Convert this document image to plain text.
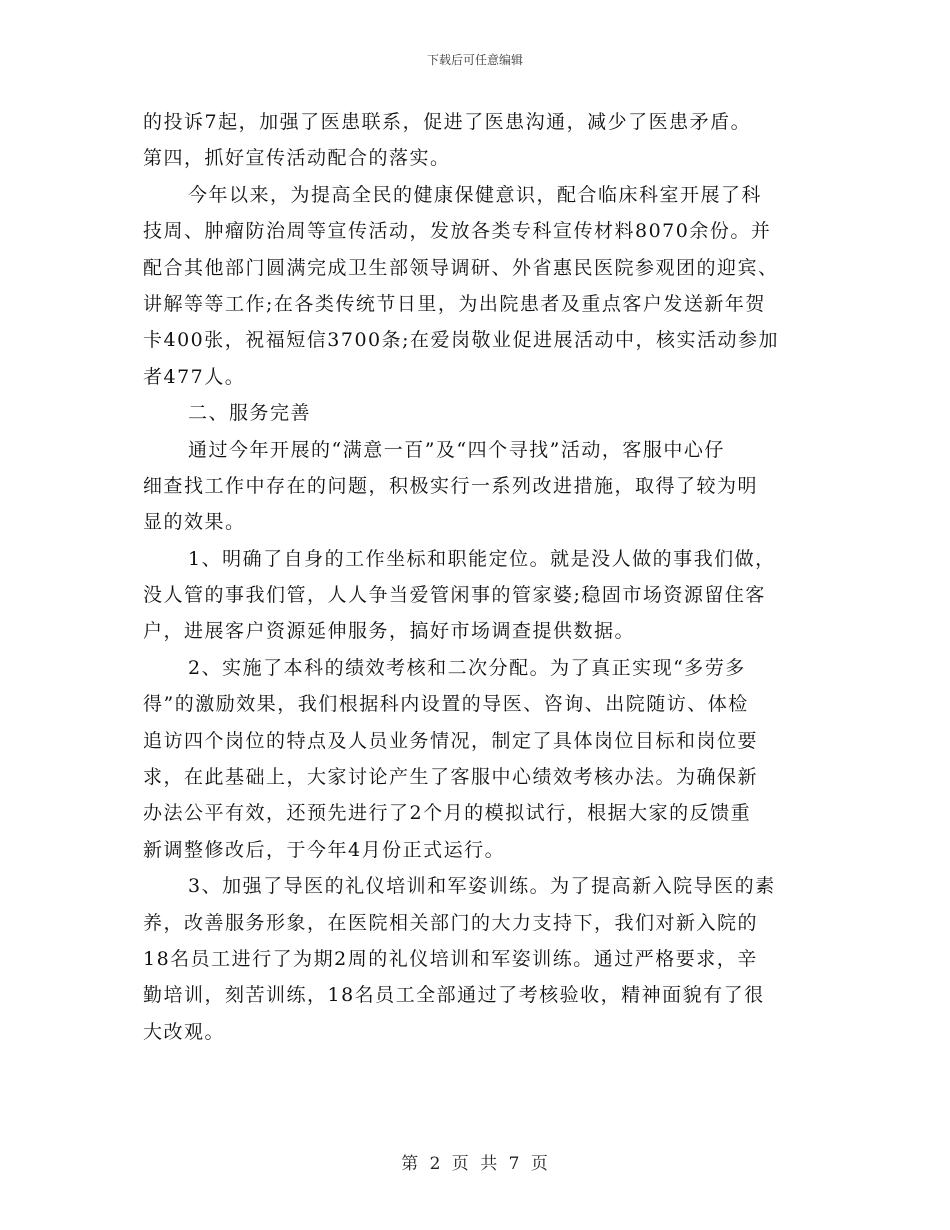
下载后可任意编辑
的投诉7起，加强了医患联系，促进了医患沟通，减少了医患矛盾。
第四，抓好宣传活动配合的落实。
今年以来，为提高全民的健康保健意识，配合临床科室开展了科
技周、肿瘤防治周等宣传活动，发放各类专科宣传材料8070余份。并
配合其他部门圆满完成卫生部领导调研、外省惠民医院参观团的迎宾、
讲解等等工作;在各类传统节日里，为出院患者及重点客户发送新年贺
卡400张，祝福短信3700条;在爱岗敬业促进展活动中，核实活动参加
者477人。
二、服务完善
通过今年开展的“满意一百”及“四个寻找”活动，客服中心仔
细查找工作中存在的问题，积极实行一系列改进措施，取得了较为明
显的效果。
1、明确了自身的工作坐标和职能定位。就是没人做的事我们做，
没人管的事我们管，人人争当爱管闲事的管家婆;稳固市场资源留住客
户，进展客户资源延伸服务，搞好市场调查提供数据。
2、实施了本科的绩效考核和二次分配。为了真正实现“多劳多
得”的激励效果，我们根据科内设置的导医、咨询、出院随访、体检
追访四个岗位的特点及人员业务情况，制定了具体岗位目标和岗位要
求，在此基础上，大家讨论产生了客服中心绩效考核办法。为确保新
办法公平有效，还预先进行了2个月的模拟试行，根据大家的反馈重
新调整修改后，于今年4月份正式运行。
3、加强了导医的礼仪培训和军姿训练。为了提高新入院导医的素
养，改善服务形象，在医院相关部门的大力支持下，我们对新入院的
18名员工进行了为期2周的礼仪培训和军姿训练。通过严格要求，辛
勤培训，刻苦训练，18名员工全部通过了考核验收，精神面貌有了很
大改观。
第 2 页 共 7 页
